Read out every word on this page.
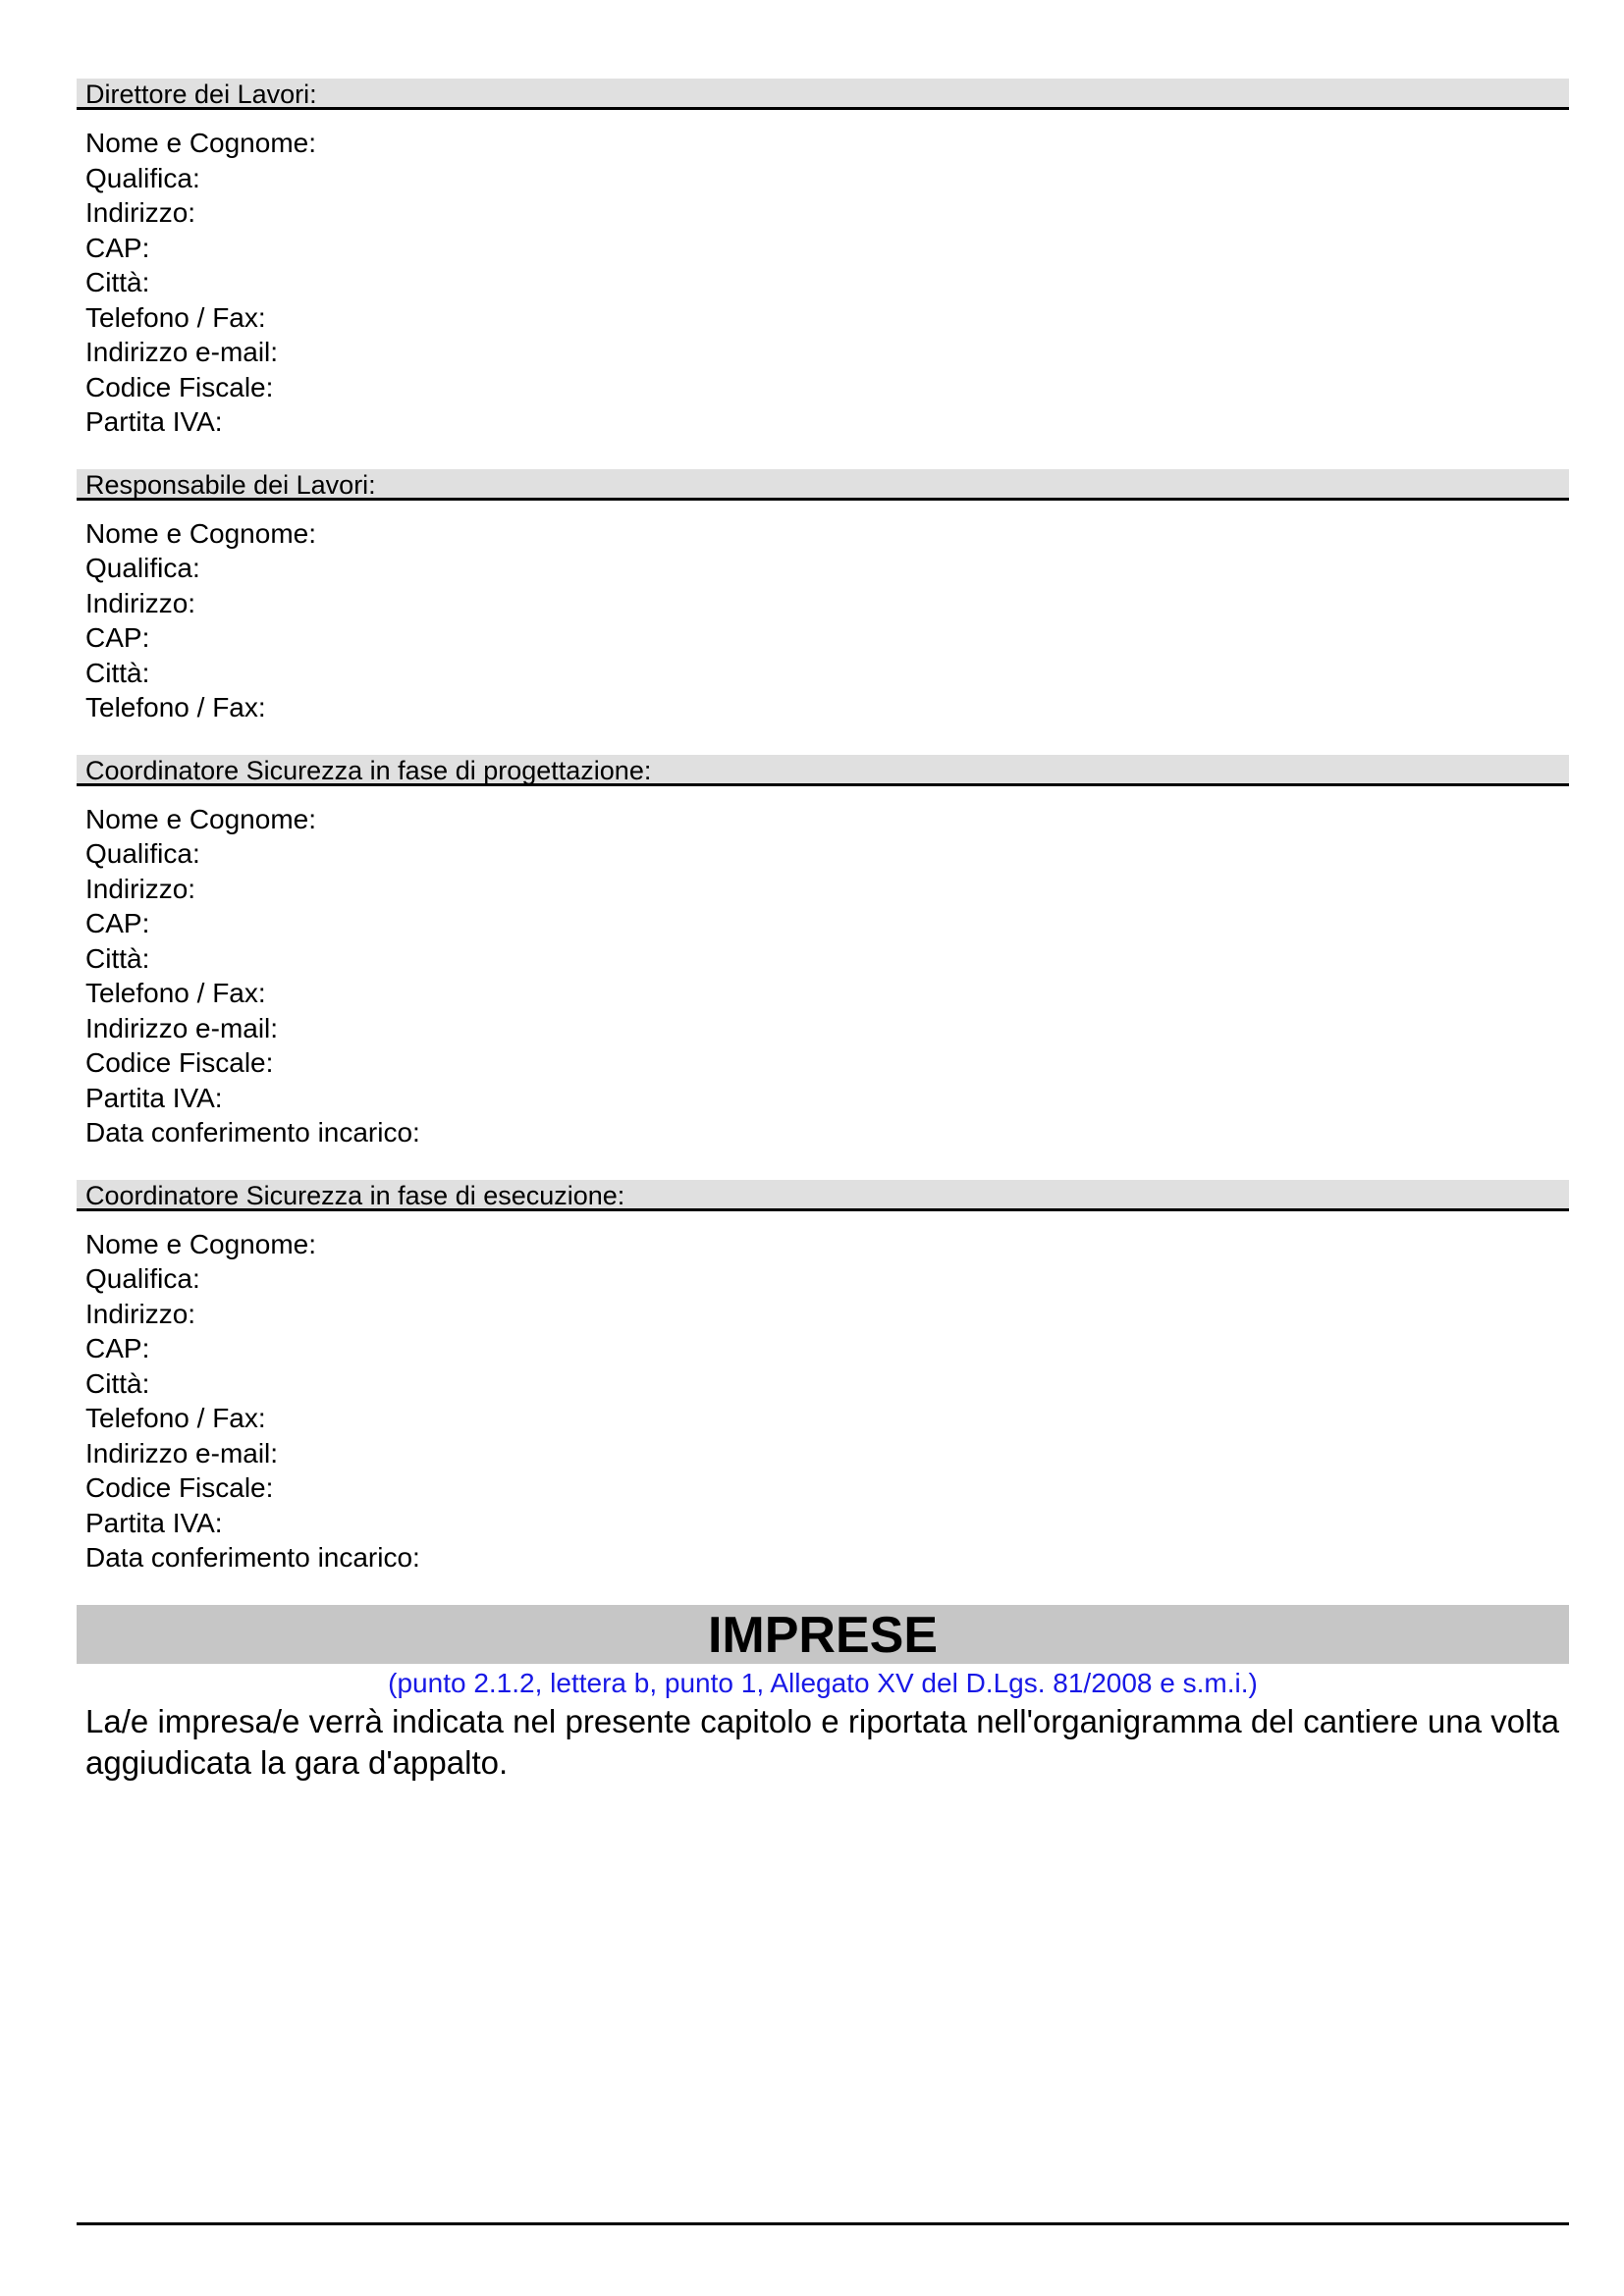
Direttore dei Lavori:
Nome e Cognome:
Qualifica:
Indirizzo:
CAP:
Città:
Telefono / Fax:
Indirizzo e-mail:
Codice Fiscale:
Partita IVA:
Responsabile dei Lavori:
Nome e Cognome:
Qualifica:
Indirizzo:
CAP:
Città:
Telefono / Fax:
Coordinatore Sicurezza in fase di progettazione:
Nome e Cognome:
Qualifica:
Indirizzo:
CAP:
Città:
Telefono / Fax:
Indirizzo e-mail:
Codice Fiscale:
Partita IVA:
Data conferimento incarico:
Coordinatore Sicurezza in fase di esecuzione:
Nome e Cognome:
Qualifica:
Indirizzo:
CAP:
Città:
Telefono / Fax:
Indirizzo e-mail:
Codice Fiscale:
Partita IVA:
Data conferimento incarico:
IMPRESE
(punto 2.1.2, lettera b, punto 1, Allegato XV del D.Lgs. 81/2008 e s.m.i.)
La/e impresa/e verrà indicata nel presente capitolo e riportata nell'organigramma del cantiere una volta aggiudicata la gara d'appalto.
